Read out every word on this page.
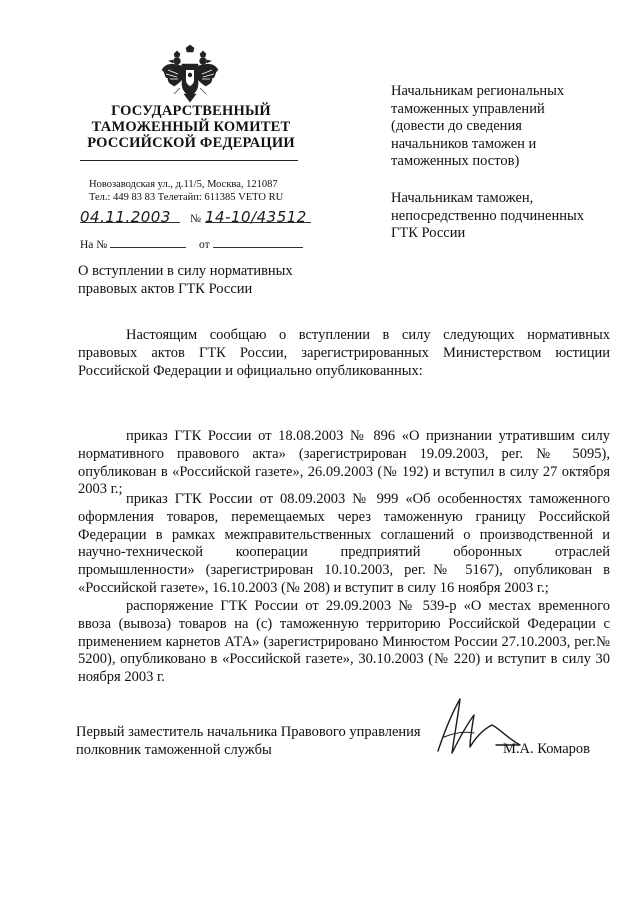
ГОСУДАРСТВЕННЫЙ
ТАМОЖЕННЫЙ КОМИТЕТ
РОССИЙСКОЙ ФЕДЕРАЦИИ
Новозаводская ул., д.11/5, Москва, 121087
Тел.: 449 83 83 Телетайп: 611385 VETO RU
04.11.2003 № 14-10/43512
На №	от
Начальникам региональных таможенных управлений (довести до сведения начальников таможен и таможенных постов)
Начальникам таможен, непосредственно подчиненных ГТК России
О вступлении в силу нормативных правовых актов ГТК России

Настоящим сообщаю о вступлении в силу следующих нормативных правовых актов ГТК России, зарегистрированных Министерством юстиции Российской Федерации и официально опубликованных:

приказ ГТК России от 18.08.2003 № 896 «О признании утратившим силу нормативного правового акта» (зарегистрирован 19.09.2003, рег. № 5095), опубликован в «Российской газете», 26.09.2003 (№ 192) и вступил в силу 27 октября 2003 г.;

приказ ГТК России от 08.09.2003 № 999 «Об особенностях таможенного оформления товаров, перемещаемых через таможенную границу Российской Федерации в рамках межправительственных соглашений о производственной и научно-технической кооперации предприятий оборонных отраслей промышленности» (зарегистрирован 10.10.2003, рег.№ 5167), опубликован в «Российской газете», 16.10.2003 (№ 208) и вступит в силу 16 ноября 2003 г.;

распоряжение ГТК России от 29.09.2003 № 539-р «О местах временного ввоза (вывоза) товаров на (с) таможенную территорию Российской Федерации с применением карнетов АТА» (зарегистрировано Минюстом России 27.10.2003, рег.№ 5200), опубликовано в «Российской газете», 30.10.2003 (№ 220) и вступит в силу 30 ноября 2003 г.

Первый заместитель начальника Правового управления
полковник таможенной службы	М.А. Комаров
